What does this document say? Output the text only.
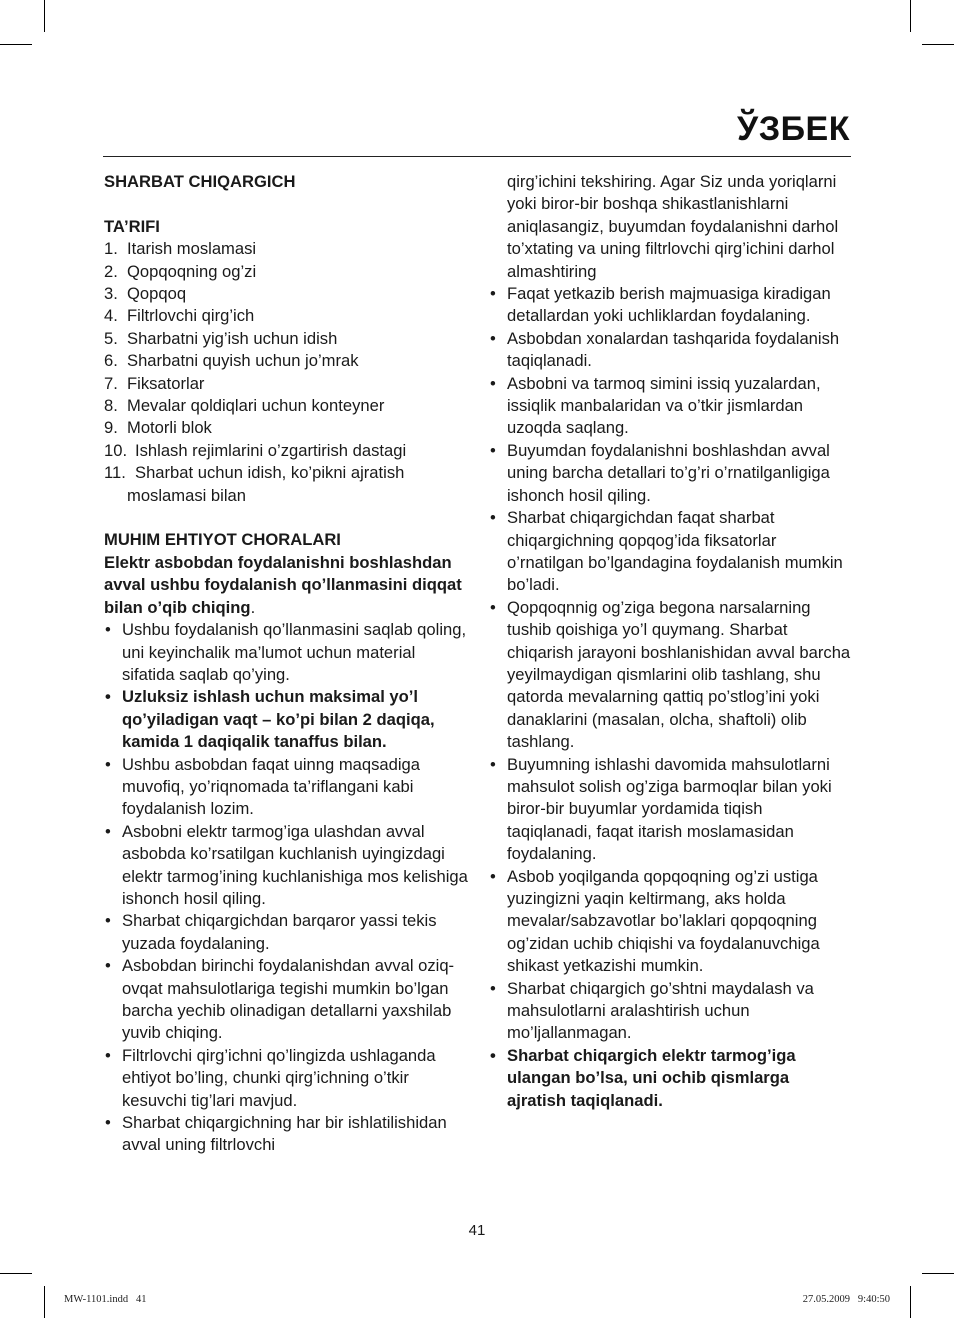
ЎЗБЕК

SHARBAT CHIQARGICH

TA’RIFI

1. Itarish moslamasi
2. Qopqoqning og’zi
3. Qopqoq
4. Filtrlovchi qirg’ich
5. Sharbatni yig’ish uchun idish
6. Sharbatni quyish uchun jo’mrak
7. Fiksatorlar
8. Mevalar qoldiqlari uchun konteyner
9. Motorli blok
10. Ishlash rejimlarini o’zgartirish dastagi
11. Sharbat uchun idish, ko’pikni ajratish moslamasi bilan

MUHIM EHTIYOT CHORALARI

Elektr asbobdan foydalanishni boshlashdan avval ushbu foydalanish qo’llanmasini diqqat bilan o’qib chiqing.

• Ushbu foydalanish qo’llanmasini saqlab qoling, uni keyinchalik ma’lumot uchun material sifatida saqlab qo’ying.
• Uzluksiz ishlash uchun maksimal yo’l qo’yiladigan vaqt – ko’pi bilan 2 daqiqa, kamida 1 daqiqalik tanaffus bilan.
• Ushbu asbobdan faqat uinng maqsadiga muvofiq, yo’riqnomada ta’riflangani kabi foydalanish lozim.
• Asbobni elektr tarmog’iga ulashdan avval asbobda ko’rsatilgan kuchlanish uyingizdagi elektr tarmog’ining kuchlanishiga mos kelishiga ishonch hosil qiling.
• Sharbat chiqargichdan barqaror yassi tekis yuzada foydalaning.
• Asbobdan birinchi foydalanishdan avval oziq-ovqat mahsulotlariga tegishi mumkin bo’lgan barcha yechib olinadigan detallarni yaxshilab yuvib chiqing.
• Filtrlovchi qirg’ichni qo’lingizda ushlaganda ehtiyot bo’ling, chunki qirg’ichning o’tkir kesuvchi tig’lari mavjud.
• Sharbat chiqargichning har bir ishlatilishidan avval uning filtrlovchi
qirg’ichini tekshiring. Agar Siz unda yoriqlarni yoki biror-bir boshqa shikastlanishlarni aniqlasangiz, buyumdan foydalanishni darhol to’xtating va uning filtrlovchi qirg’ichini darhol almashtiring
• Faqat yetkazib berish majmuasiga kiradigan detallardan yoki uchliklardan foydalaning.
• Asbobdan xonalardan tashqarida foydalanish taqiqlanadi.
• Asbobni va tarmoq simini issiq yuzalardan, issiqlik manbalaridan va o’tkir jismlardan uzoqda saqlang.
• Buyumdan foydalanishni boshlashdan avval uning barcha detallari to’g’ri o’rnatilganligiga ishonch hosil qiling.
• Sharbat chiqargichdan faqat sharbat chiqargichning qopqog’ida fiksatorlar o’rnatilgan bo’lgandagina foydalanish mumkin bo’ladi.
• Qopqoqnnig og’ziga begona narsalarning tushib qoishiga yo’l quymang. Sharbat chiqarish jarayoni boshlanishidan avval barcha yeyilmaydigan qismlarini olib tashlang, shu qatorda mevalarning qattiq po’stlog’ini yoki danaklarini (masalan, olcha, shaftoli) olib tashlang.
• Buyumning ishlashi davomida mahsulotlarni mahsulot solish og’ziga barmoqlar bilan yoki biror-bir buyumlar yordamida tiqish taqiqlanadi, faqat itarish moslamasidan foydalaning.
• Asbob yoqilganda qopqoqning og’zi ustiga yuzingizni yaqin keltirmang, aks holda mevalar/sabzavotlar bo’laklari qopqoqning og’zidan uchib chiqishi va foydalanuvchiga shikast yetkazishi mumkin.
• Sharbat chiqargich go’shtni maydalash va mahsulotlarni aralashtirish uchun mo’ljallanmagan.
• Sharbat chiqargich elektr tarmog’iga ulangan bo’lsa, uni ochib qismlarga ajratish taqiqlanadi.
41
MW-1101.indd   41	27.05.2009   9:40:50
